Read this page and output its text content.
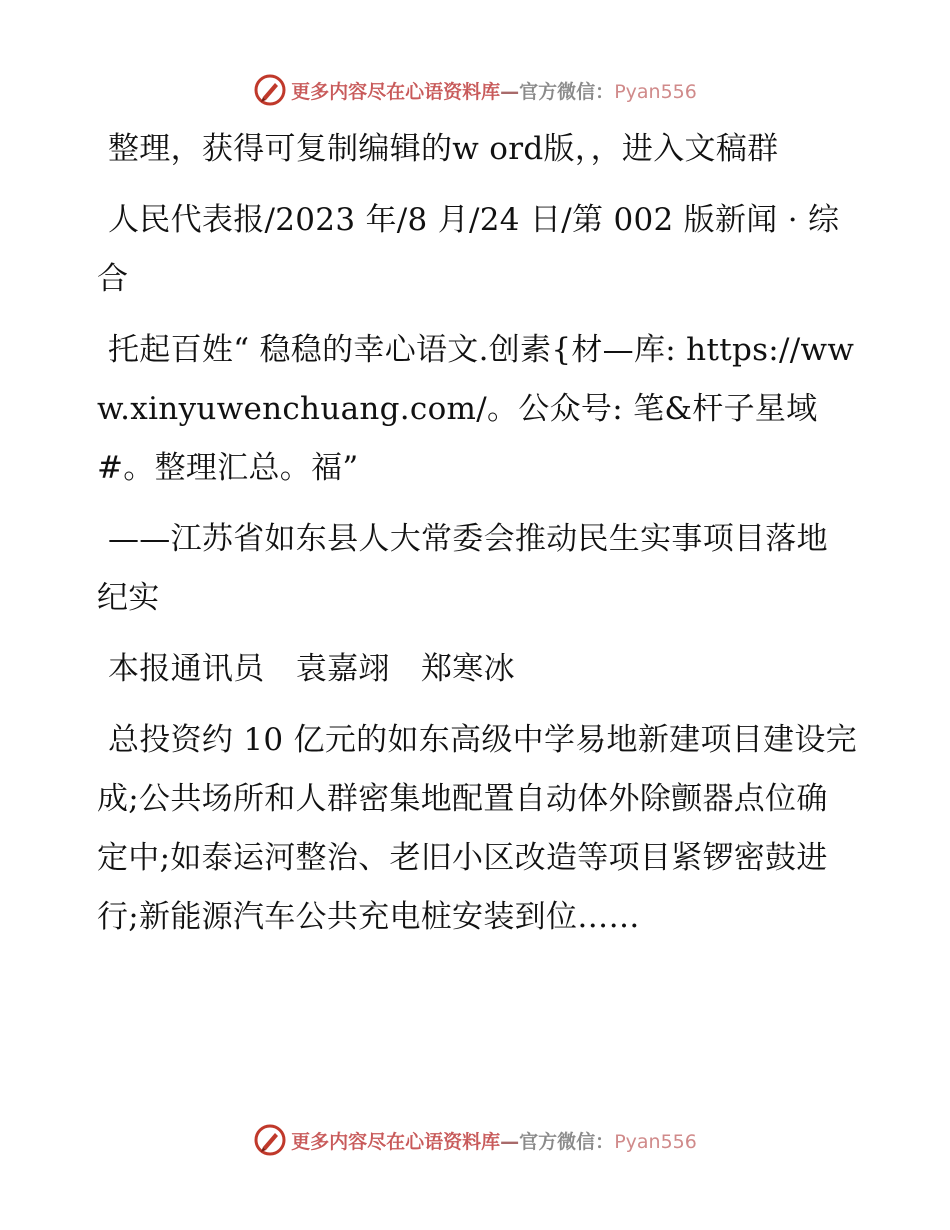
更多内容尽在心语资料库—官方微信：Pyan556

整理，获得可复制编辑的w ord版，，进入文稿群

人民代表报/2023 年/8 月/24 日/第 002 版新闻 · 综合

托起百姓“ 稳稳的幸心语文.创素{材—库: https://www.xinyuwenchuang.com/。公众号: 笔&杆子星域#。整理汇总。福”

——江苏省如东县人大常委会推动民生实事项目落地纪实

本报通讯员　袁嘉翊　郑寒冰

总投资约 10 亿元的如东高级中学易地新建项目建设完成;公共场所和人群密集地配置自动体外除颤器点位确定中;如泰运河整治、老旧小区改造等项目紧锣密鼓进行;新能源汽车公共充电桩安装到位……

更多内容尽在心语资料库—官方微信：Pyan556
